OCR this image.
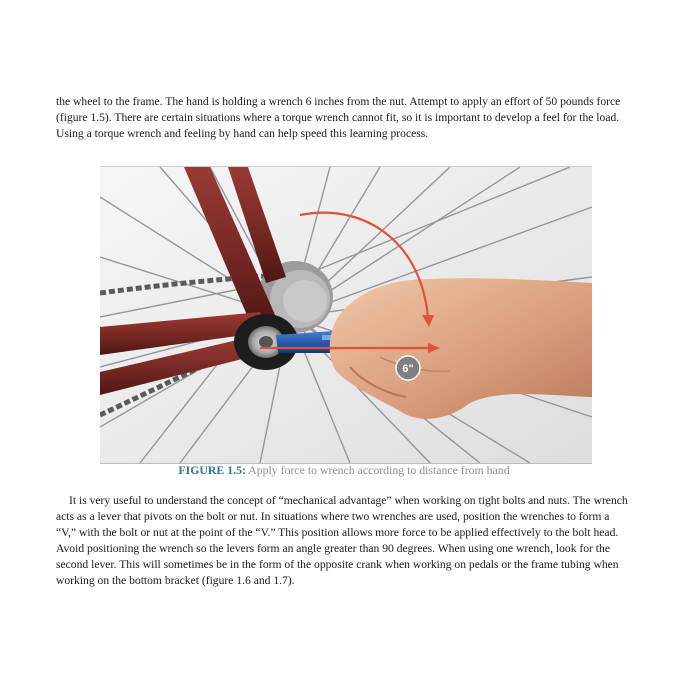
the wheel to the frame. The hand is holding a wrench 6 inches from the nut. Attempt to apply an effort of 50 pounds force (figure 1.5). There are certain situations where a torque wrench cannot fit, so it is important to develop a feel for the load. Using a torque wrench and feeling by hand can help speed this learning process.

6"
FIGURE 1.5: Apply force to wrench according to distance from hand

It is very useful to understand the concept of “mechanical advantage” when working on tight bolts and nuts. The wrench acts as a lever that pivots on the bolt or nut. In situations where two wrenches are used, position the wrenches to form a “V,” with the bolt or nut at the point of the “V.” This position allows more force to be applied effectively to the bolt head. Avoid positioning the wrench so the levers form an angle greater than 90 degrees. When using one wrench, look for the second lever. This will sometimes be in the form of the opposite crank when working on pedals or the frame tubing when working on the bottom bracket (figure 1.6 and 1.7).
